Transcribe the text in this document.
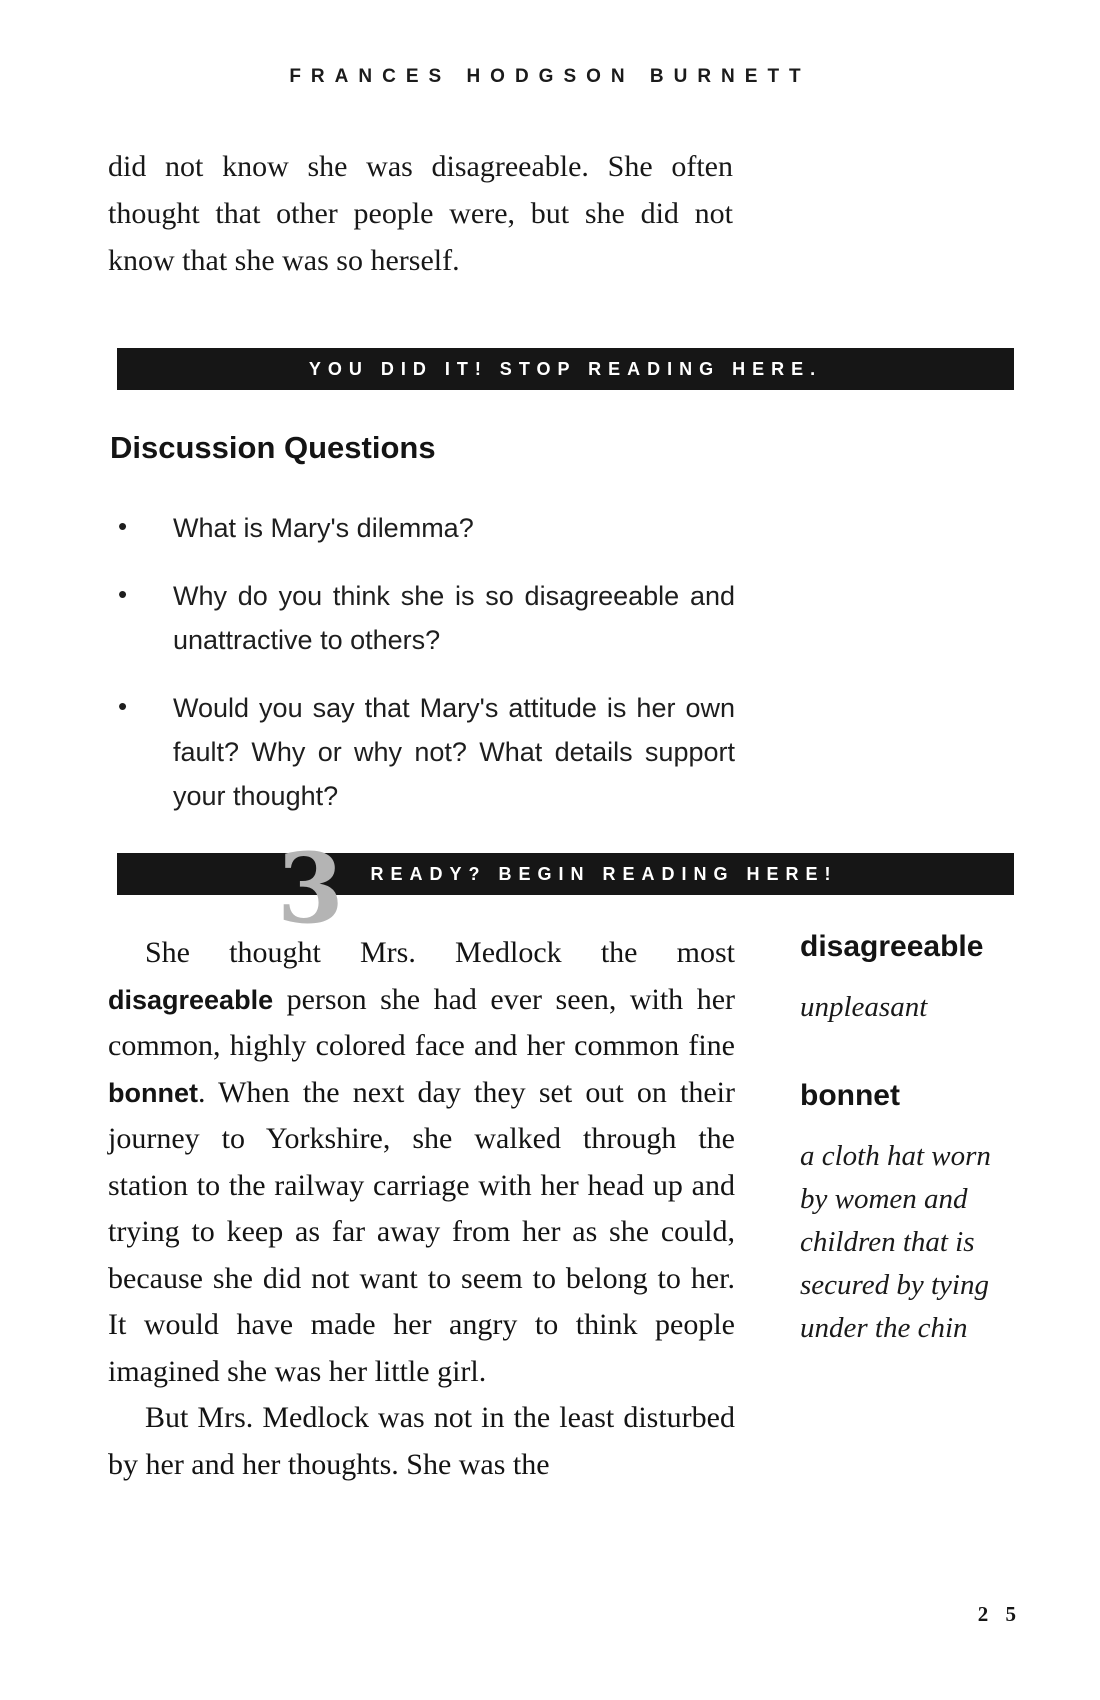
FRANCES HODGSON BURNETT
did not know she was disagreeable. She often thought that other people were, but she did not know that she was so herself.
YOU DID IT! STOP READING HERE.
Discussion Questions
• What is Mary's dilemma?
• Why do you think she is so disagreeable and unattractive to others?
• Would you say that Mary's attitude is her own fault? Why or why not? What details support your thought?
3	READY? BEGIN READING HERE!

She thought Mrs. Medlock the most disagreeable person she had ever seen, with her common, highly colored face and her common fine bonnet. When the next day they set out on their journey to Yorkshire, she walked through the station to the railway carriage with her head up and trying to keep as far away from her as she could, because she did not want to seem to belong to her. It would have made her angry to think people imagined she was her little girl.

But Mrs. Medlock was not in the least disturbed by her and her thoughts. She was the

disagreeable

unpleasant

bonnet

a cloth hat worn by women and children that is secured by tying under the chin

2 5
